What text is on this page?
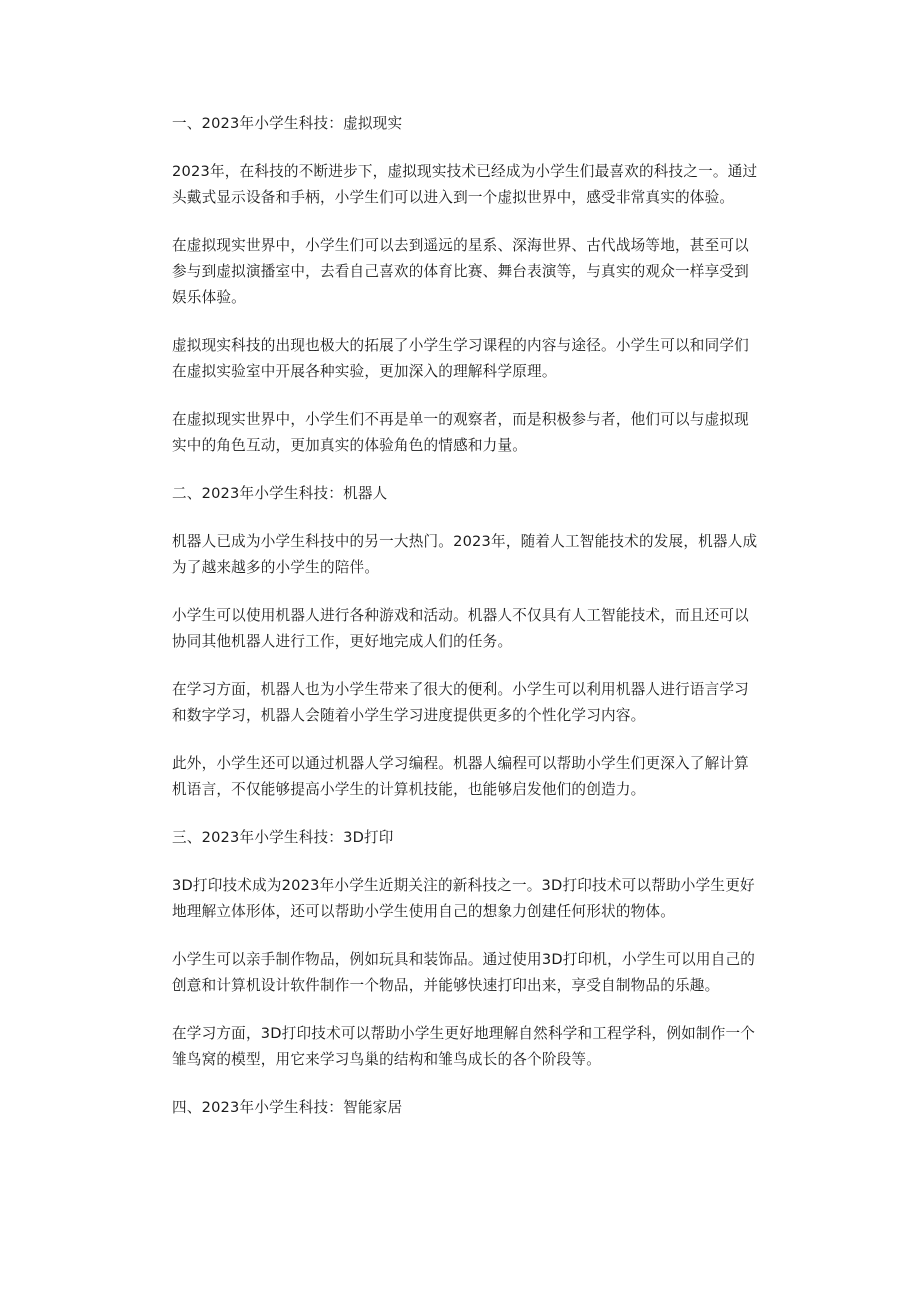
一、2023年小学生科技：虚拟现实

2023年，在科技的不断进步下，虚拟现实技术已经成为小学生们最喜欢的科技之一。通过头戴式显示设备和手柄，小学生们可以进入到一个虚拟世界中，感受非常真实的体验。

在虚拟现实世界中，小学生们可以去到遥远的星系、深海世界、古代战场等地，甚至可以参与到虚拟演播室中，去看自己喜欢的体育比赛、舞台表演等，与真实的观众一样享受到娱乐体验。

虚拟现实科技的出现也极大的拓展了小学生学习课程的内容与途径。小学生可以和同学们在虚拟实验室中开展各种实验，更加深入的理解科学原理。

在虚拟现实世界中，小学生们不再是单一的观察者，而是积极参与者，他们可以与虚拟现实中的角色互动，更加真实的体验角色的情感和力量。

二、2023年小学生科技：机器人

机器人已成为小学生科技中的另一大热门。2023年，随着人工智能技术的发展，机器人成为了越来越多的小学生的陪伴。

小学生可以使用机器人进行各种游戏和活动。机器人不仅具有人工智能技术，而且还可以协同其他机器人进行工作，更好地完成人们的任务。

在学习方面，机器人也为小学生带来了很大的便利。小学生可以利用机器人进行语言学习和数字学习，机器人会随着小学生学习进度提供更多的个性化学习内容。

此外，小学生还可以通过机器人学习编程。机器人编程可以帮助小学生们更深入了解计算机语言，不仅能够提高小学生的计算机技能，也能够启发他们的创造力。

三、2023年小学生科技：3D打印

3D打印技术成为2023年小学生近期关注的新科技之一。3D打印技术可以帮助小学生更好地理解立体形体，还可以帮助小学生使用自己的想象力创建任何形状的物体。

小学生可以亲手制作物品，例如玩具和装饰品。通过使用3D打印机，小学生可以用自己的创意和计算机设计软件制作一个物品，并能够快速打印出来，享受自制物品的乐趣。

在学习方面，3D打印技术可以帮助小学生更好地理解自然科学和工程学科，例如制作一个雏鸟窝的模型，用它来学习鸟巢的结构和雏鸟成长的各个阶段等。

四、2023年小学生科技：智能家居
